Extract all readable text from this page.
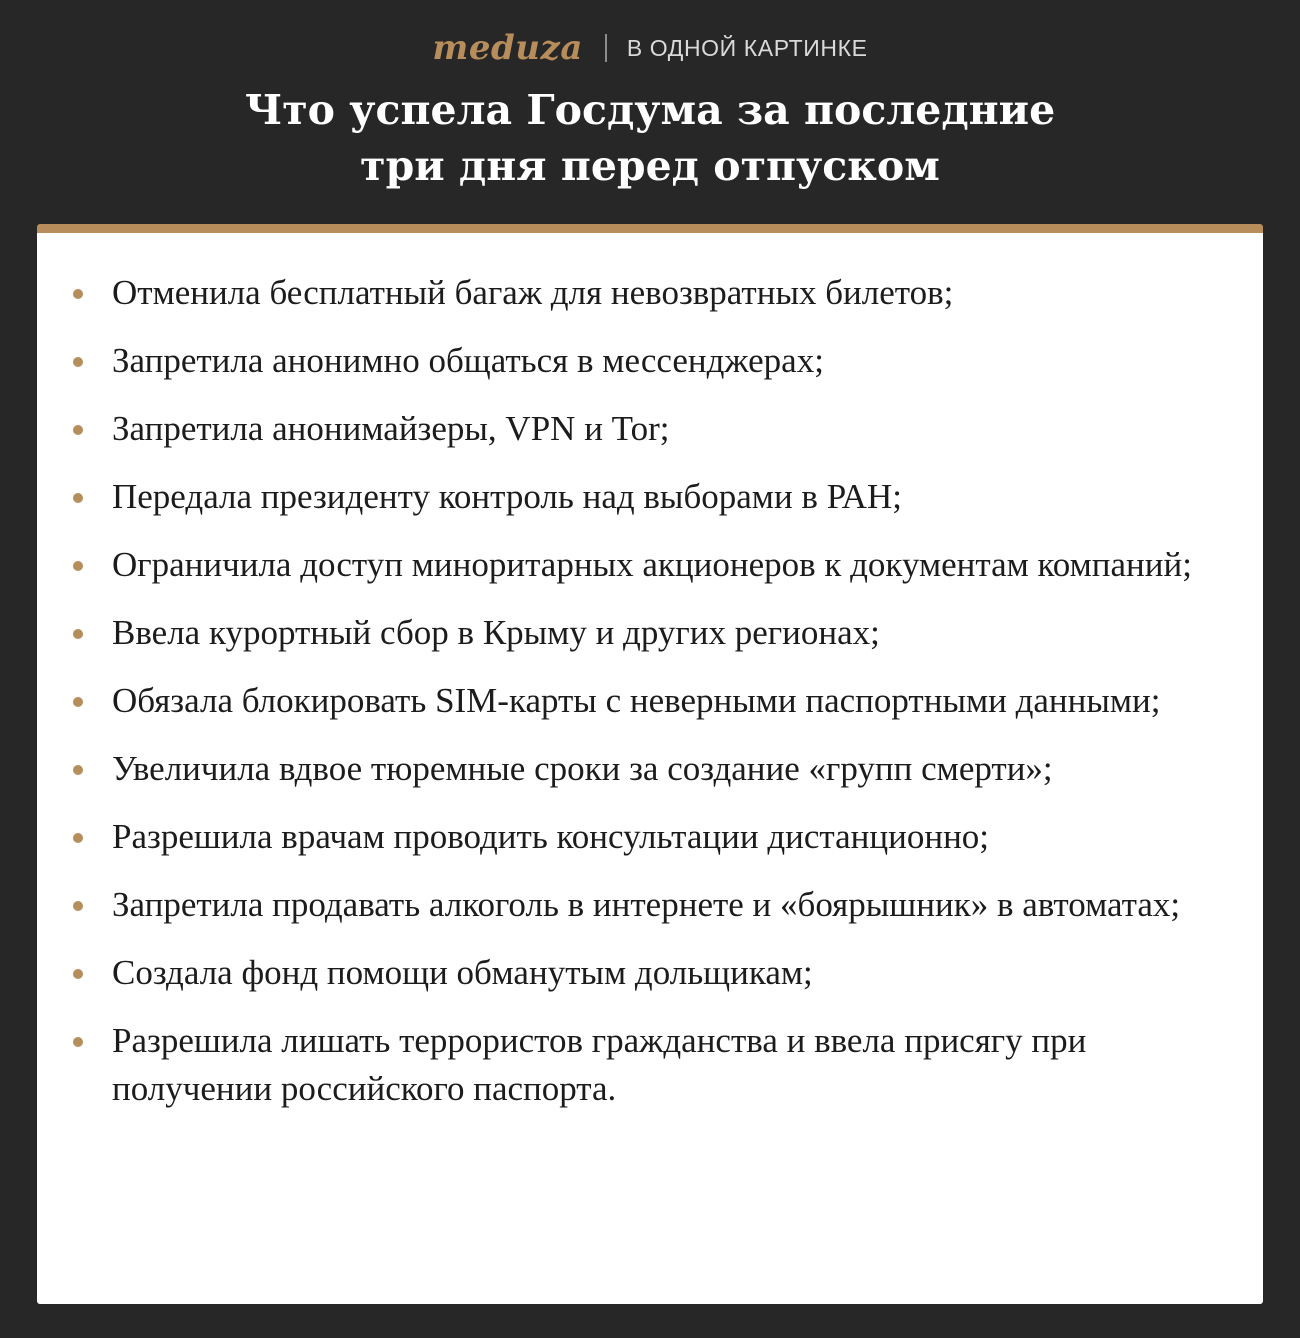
meduza В ОДНОЙ КАРТИНКЕ
Что успела Госдума за последние
три дня перед отпуском
Отменила бесплатный багаж для невозвратных билетов;
Запретила анонимно общаться в мессенджерах;
Запретила анонимайзеры, VPN и Tor;
Передала президенту контроль над выборами в РАН;
Ограничила доступ миноритарных акционеров к документам компаний;
Ввела курортный сбор в Крыму и других регионах;
Обязала блокировать SIM-карты с неверными паспортными данными;
Увеличила вдвое тюремные сроки за создание «групп смерти»;
Разрешила врачам проводить консультации дистанционно;
Запретила продавать алкоголь в интернете и «боярышник» в автоматах;
Создала фонд помощи обманутым дольщикам;
Разрешила лишать террористов гражданства и ввела присягу при получении российского паспорта.
